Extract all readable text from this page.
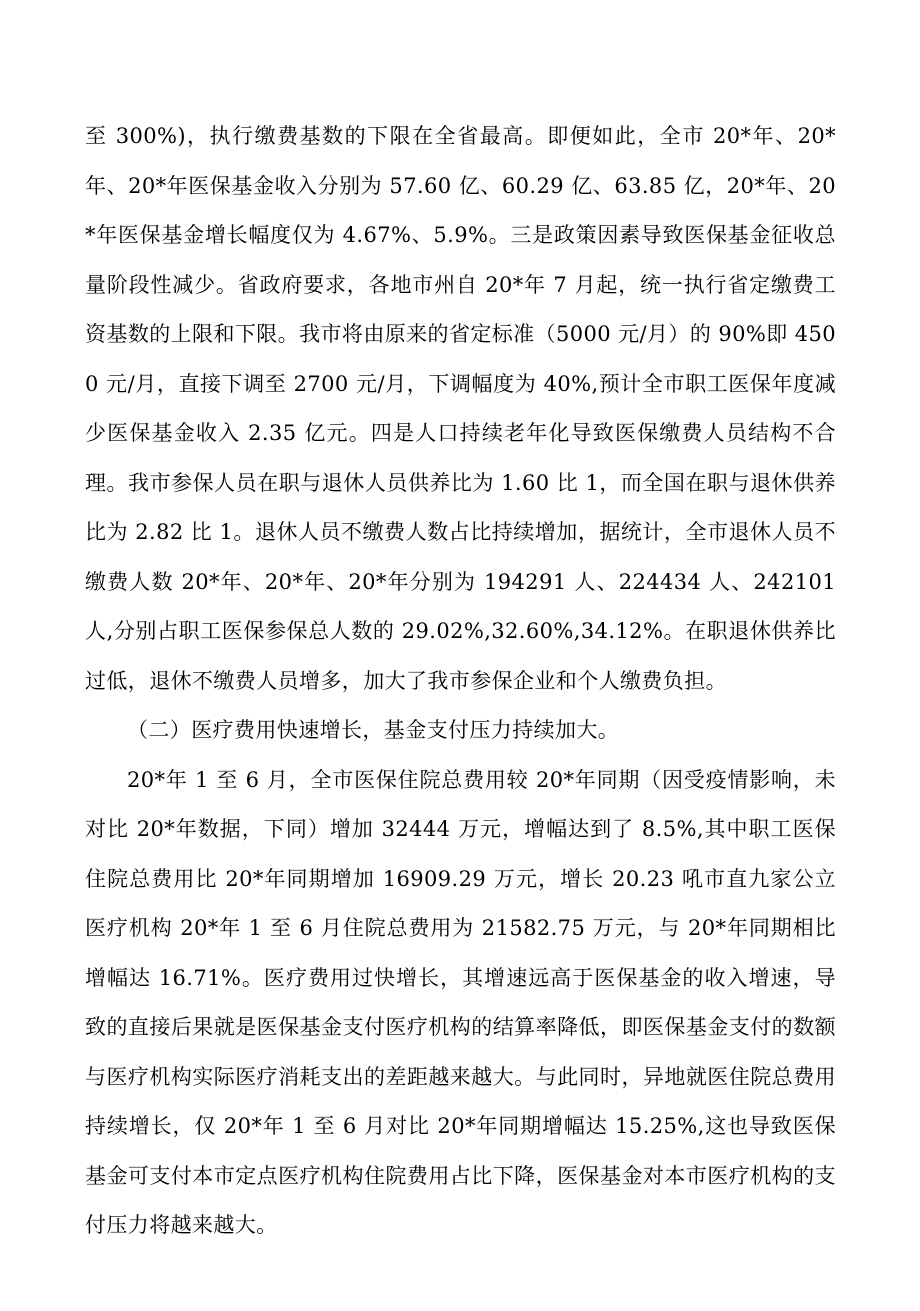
至 300%)，执行缴费基数的下限在全省最高。即便如此，全市 20*年、20*年、20*年医保基金收入分别为 57.60 亿、60.29 亿、63.85 亿，20*年、20*年医保基金增长幅度仅为 4.67%、5.9%。三是政策因素导致医保基金征收总量阶段性减少。省政府要求，各地市州自 20*年 7 月起，统一执行省定缴费工资基数的上限和下限。我市将由原来的省定标准（5000 元/月）的 90%即 4500 元/月，直接下调至 2700 元/月，下调幅度为 40%,预计全市职工医保年度减少医保基金收入 2.35 亿元。四是人口持续老年化导致医保缴费人员结构不合理。我市参保人员在职与退休人员供养比为 1.60 比 1，而全国在职与退休供养比为 2.82 比 1。退休人员不缴费人数占比持续增加，据统计，全市退休人员不缴费人数 20*年、20*年、20*年分别为 194291 人、224434 人、242101 人,分别占职工医保参保总人数的 29.02%,32.60%,34.12%。在职退休供养比过低，退休不缴费人员增多，加大了我市参保企业和个人缴费负担。

（二）医疗费用快速增长，基金支付压力持续加大。

20*年 1 至 6 月，全市医保住院总费用较 20*年同期（因受疫情影响，未对比 20*年数据，下同）增加 32444 万元，增幅达到了 8.5%,其中职工医保住院总费用比 20*年同期增加 16909.29 万元，增长 20.23 吼市直九家公立医疗机构 20*年 1 至 6 月住院总费用为 21582.75 万元，与 20*年同期相比增幅达 16.71%。医疗费用过快增长，其增速远高于医保基金的收入增速，导致的直接后果就是医保基金支付医疗机构的结算率降低，即医保基金支付的数额与医疗机构实际医疗消耗支出的差距越来越大。与此同时，异地就医住院总费用持续增长，仅 20*年 1 至 6 月对比 20*年同期增幅达 15.25%,这也导致医保基金可支付本市定点医疗机构住院费用占比下降，医保基金对本市医疗机构的支付压力将越来越大。
